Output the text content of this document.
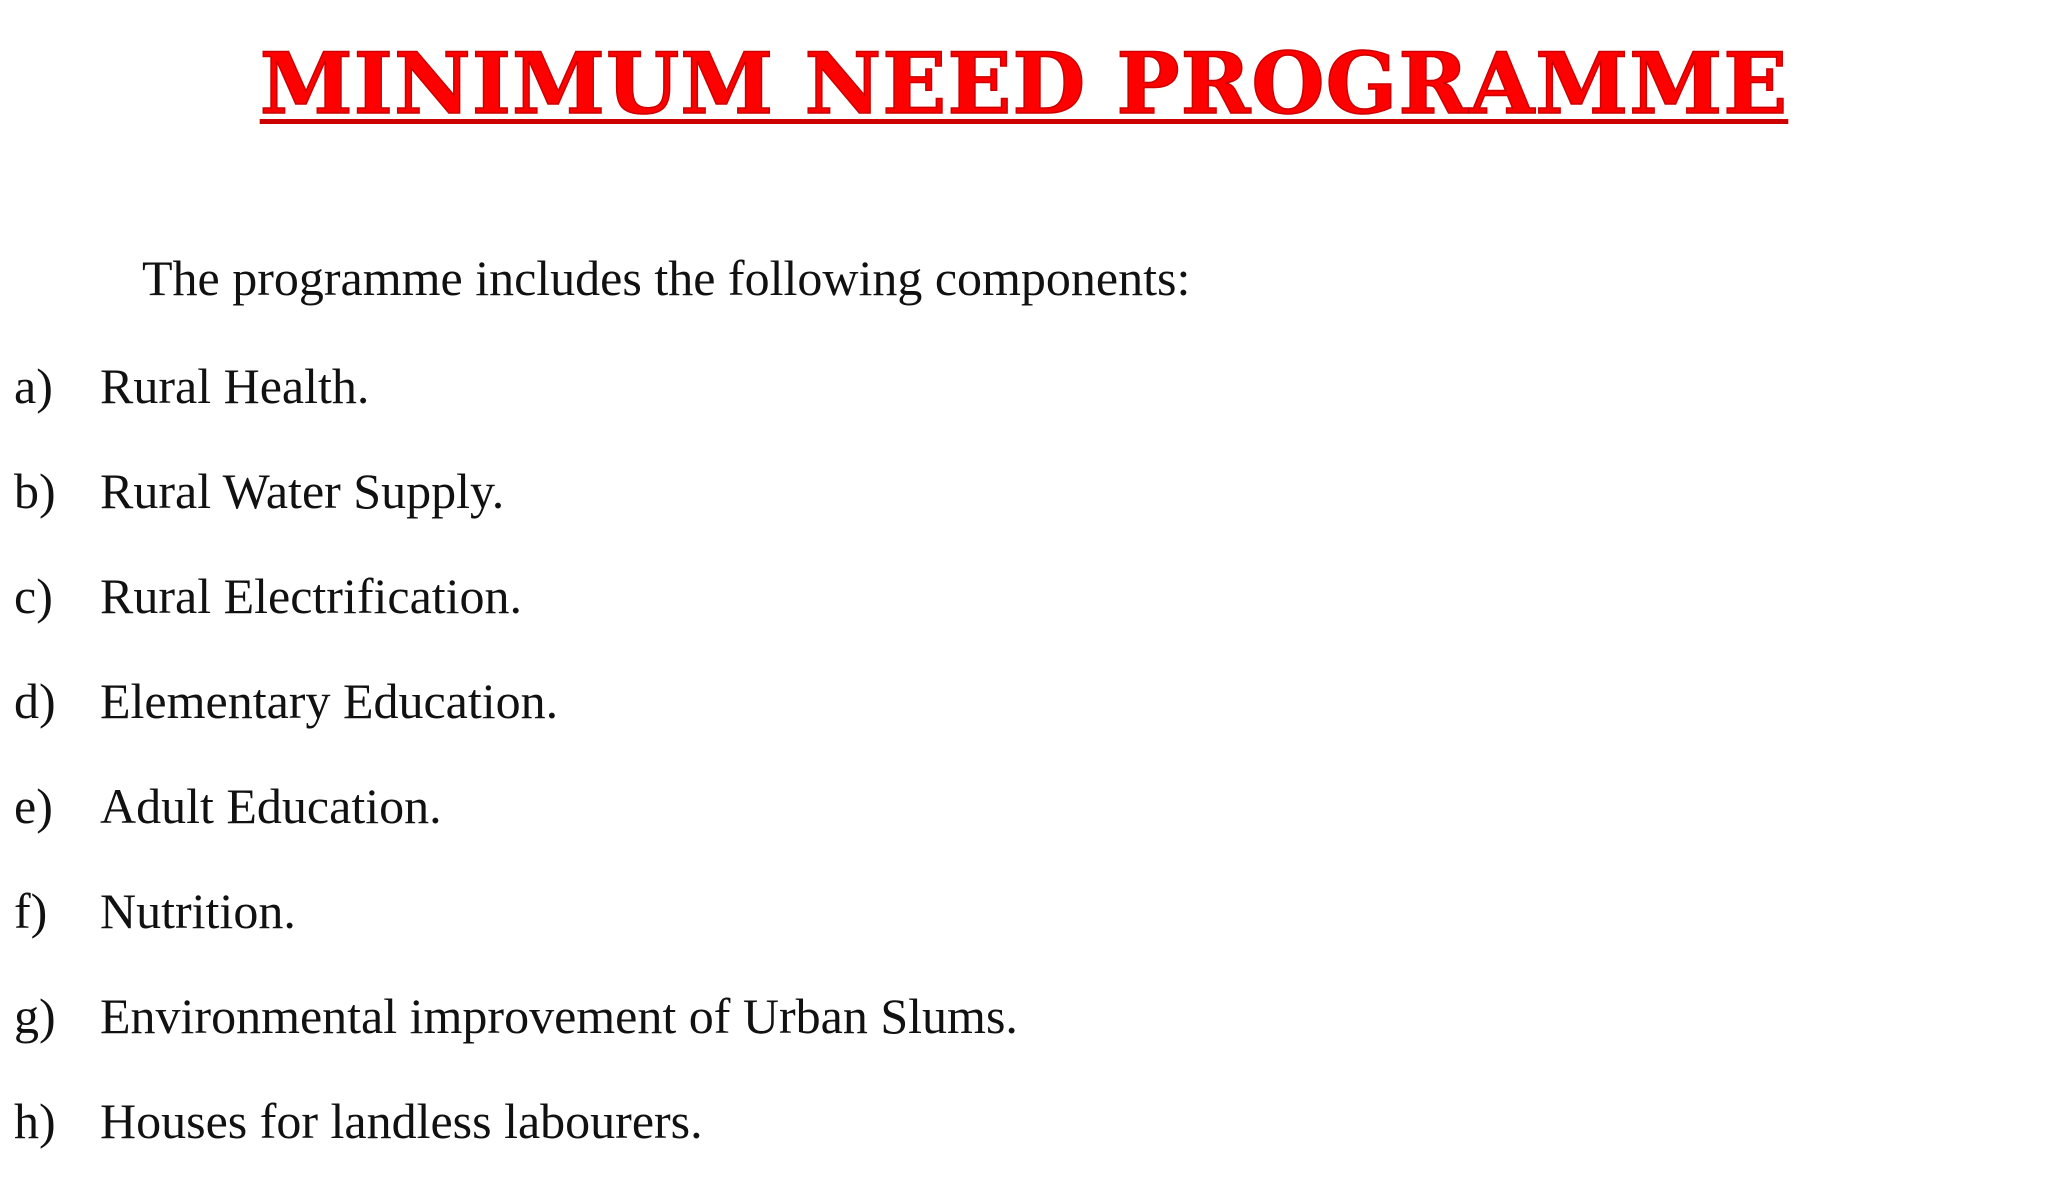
MINIMUM NEED PROGRAMME

The programme includes the following components:

a) Rural Health.
b) Rural Water Supply.
c) Rural Electrification.
d) Elementary Education.
e) Adult Education.
f)	Nutrition.
g) Environmental improvement of Urban Slums.
h) Houses for landless labourers.
